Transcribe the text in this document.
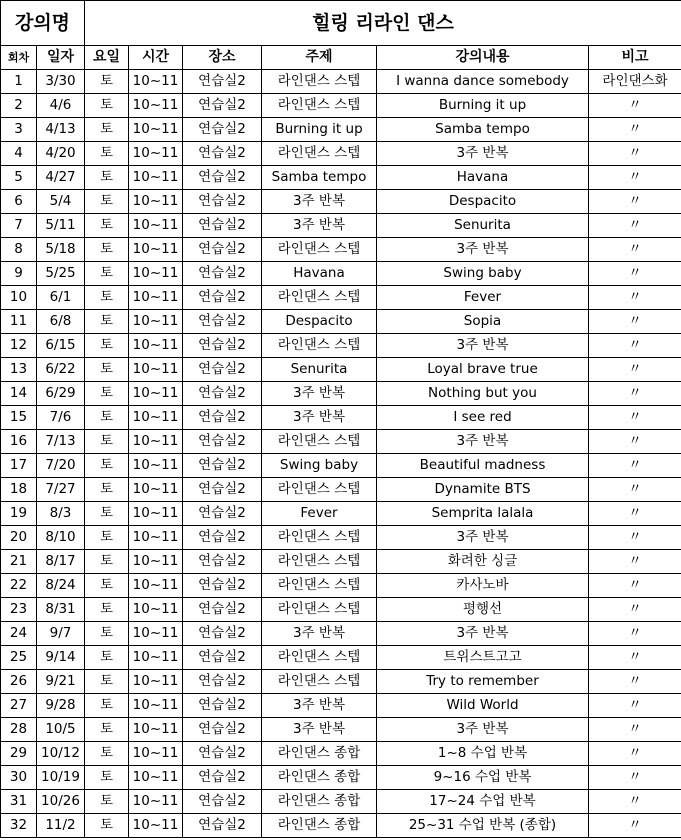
강의명		힐링 리라인 댄스					
회차	일자	요일	시간	장소	주제	강의내용	비고
1	3/30	토	10~11	연습실2	라인댄스 스텝	I wanna dance somebody	라인댄스화
2	4/6	토	10~11	연습실2	라인댄스 스텝	Burning it up	〃
3	4/13	토	10~11	연습실2	Burning it up	Samba tempo	〃
4	4/20	토	10~11	연습실2	라인댄스 스텝	3주 반복	〃
5	4/27	토	10~11	연습실2	Samba tempo	Havana	〃
6	5/4	토	10~11	연습실2	3주 반복	Despacito	〃
7	5/11	토	10~11	연습실2	3주 반복	Senurita	〃
8	5/18	토	10~11	연습실2	라인댄스 스텝	3주 반복	〃
9	5/25	토	10~11	연습실2	Havana	Swing baby	〃
10	6/1	토	10~11	연습실2	라인댄스 스텝	Fever	〃
11	6/8	토	10~11	연습실2	Despacito	Sopia	〃
12	6/15	토	10~11	연습실2	라인댄스 스텝	3주 반복	〃
13	6/22	토	10~11	연습실2	Senurita	Loyal brave true	〃
14	6/29	토	10~11	연습실2	3주 반복	Nothing but you	〃
15	7/6	토	10~11	연습실2	3주 반복	I see red	〃
16	7/13	토	10~11	연습실2	라인댄스 스텝	3주 반복	〃
17	7/20	토	10~11	연습실2	Swing baby	Beautiful madness	〃
18	7/27	토	10~11	연습실2	라인댄스 스텝	Dynamite BTS	〃
19	8/3	토	10~11	연습실2	Fever	Semprita lalala	〃
20	8/10	토	10~11	연습실2	라인댄스 스텝	3주 반복	〃
21	8/17	토	10~11	연습실2	라인댄스 스텝	화려한 싱글	〃
22	8/24	토	10~11	연습실2	라인댄스 스텝	카사노바	〃
23	8/31	토	10~11	연습실2	라인댄스 스텝	평행선	〃
24	9/7	토	10~11	연습실2	3주 반복	3주 반복	〃
25	9/14	토	10~11	연습실2	라인댄스 스텝	트위스트고고	〃
26	9/21	토	10~11	연습실2	라인댄스 스텝	Try to remember	〃
27	9/28	토	10~11	연습실2	3주 반복	Wild World	〃
28	10/5	토	10~11	연습실2	3주 반복	3주 반복	〃
29	10/12	토	10~11	연습실2	라인댄스 종합	1~8 수업 반복	〃
30	10/19	토	10~11	연습실2	라인댄스 종합	9~16 수업 반복	〃
31	10/26	토	10~11	연습실2	라인댄스 종합	17~24 수업 반복	〃
32	11/2	토	10~11	연습실2	라인댄스 종합	25~31 수업 반복 (종합)	〃
